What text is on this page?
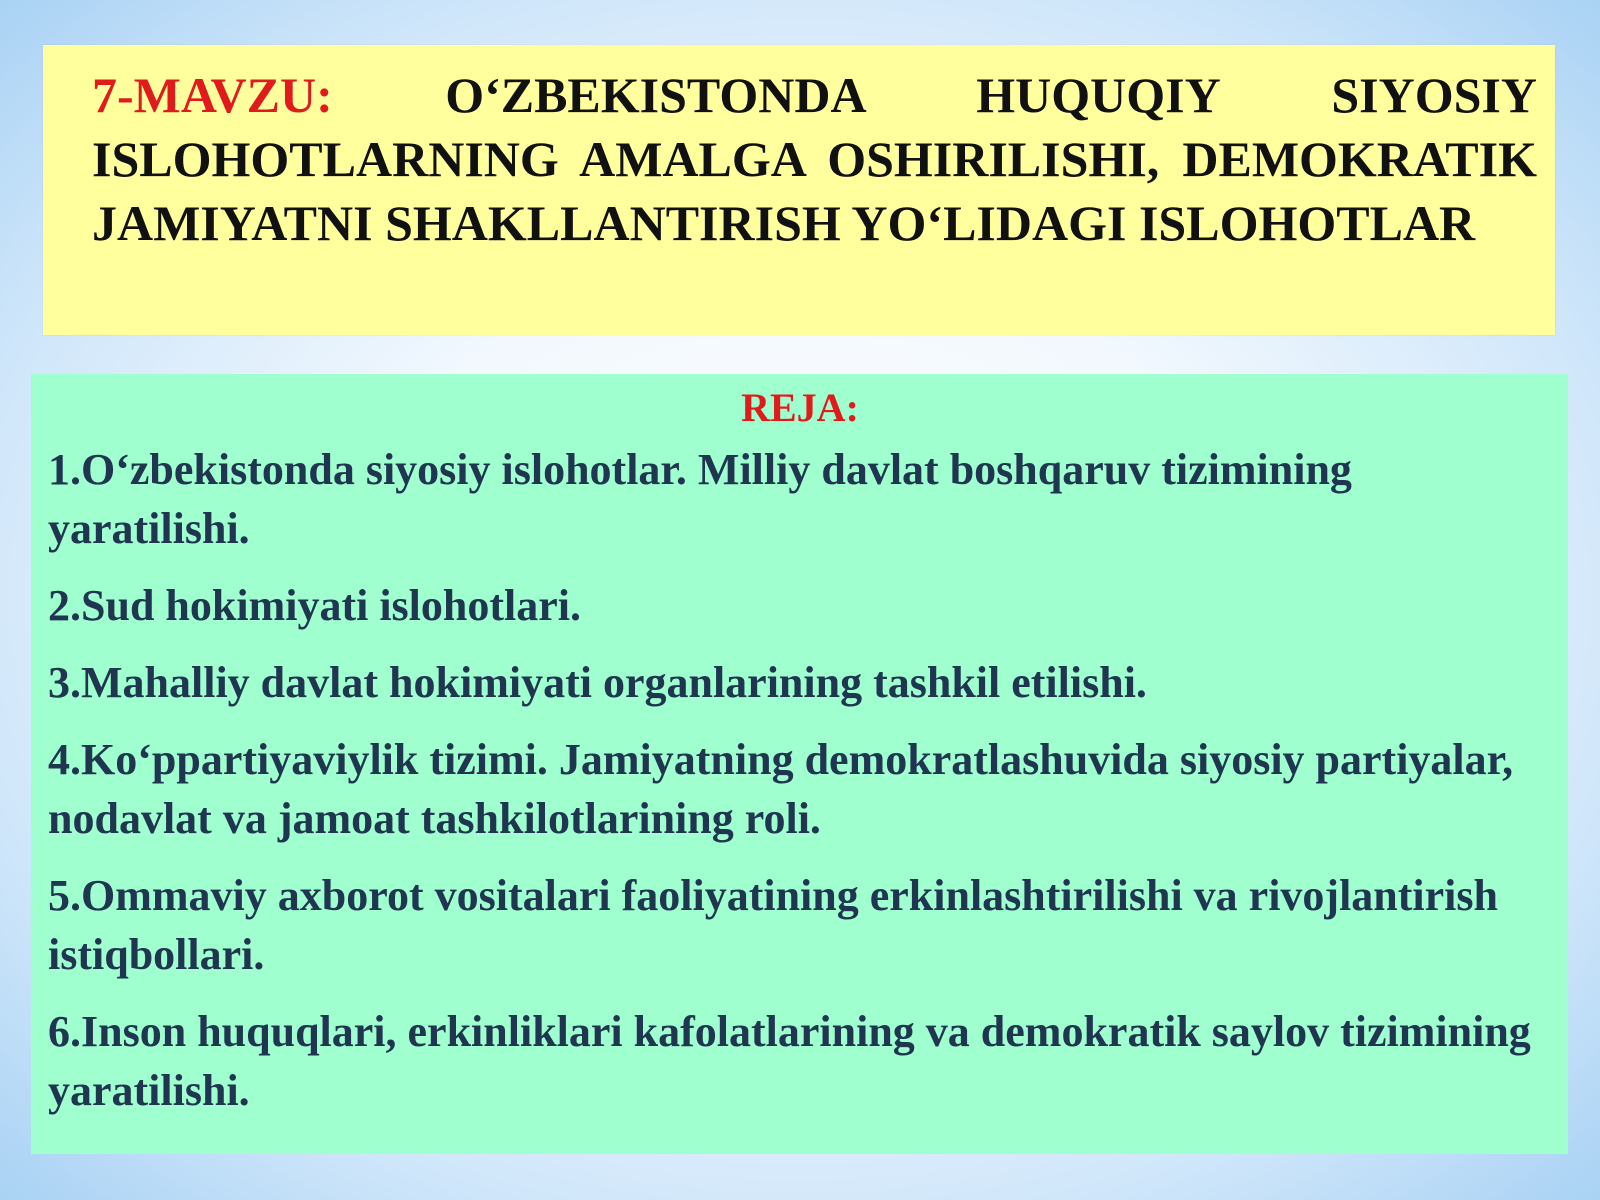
7-MAVZU: O‘ZBEKISTONDA HUQUQIY SIYOSIY ISLOHOTLARNING AMALGA OSHIRILISHI, DEMOKRATIK JAMIYATNI SHAKLLANTIRISH YO‘LIDAGI ISLOHOTLAR

REJA:

1.O‘zbekistonda siyosiy islohotlar. Milliy davlat boshqaruv tizimining yaratilishi.
2.Sud hokimiyati islohotlari.
3.Mahalliy davlat hokimiyati organlarining tashkil etilishi.
4.Ko‘ppartiyaviylik tizimi. Jamiyatning demokratlashuvida siyosiy partiyalar, nodavlat va jamoat tashkilotlarining roli.
5.Ommaviy axborot vositalari faoliyatining erkinlashtirilishi va rivojlantirish istiqbollari.
6.Inson huquqlari, erkinliklari kafolatlarining va demokratik saylov tizimining yaratilishi.
